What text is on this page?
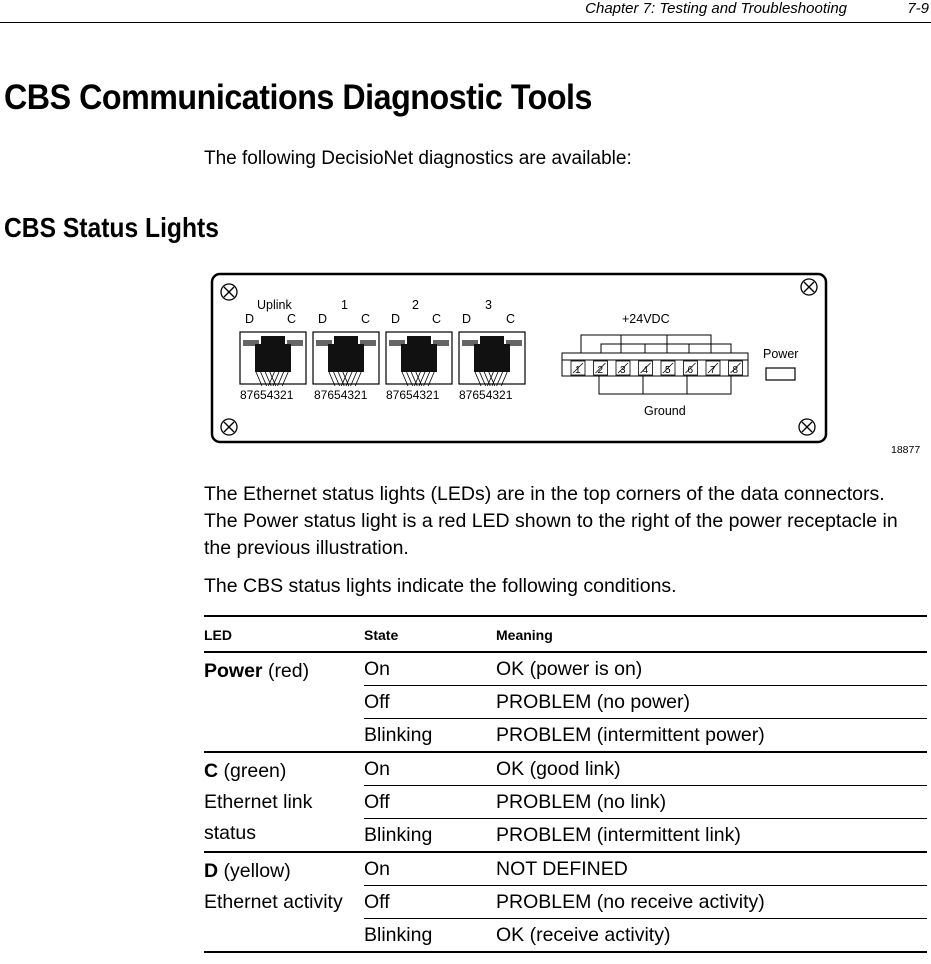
Chapter 7: Testing and Troubleshooting	7-9
CBS Communications Diagnostic Tools
The following DecisioNet diagnostics are available:
CBS Status Lights
Uplink	1	2	3
D	C D	C D	C D	C
87654321 87654321 87654321 87654321
+24VDC
1 2 3 4 5 6 7 8
Ground
Power
18877
The Ethernet status lights (LEDs) are in the top corners of the data connectors. The Power status light is a red LED shown to the right of the power receptacle in the previous illustration.
The CBS status lights indicate the following conditions.
LED	State	Meaning
Power (red)	On	OK (power is on)
	Off	PROBLEM (no power)
	Blinking	PROBLEM (intermittent power)
C (green)
Ethernet link status	On	OK (good link)
	Off	PROBLEM (no link)
	Blinking	PROBLEM (intermittent link)
D (yellow)
Ethernet activity	On	NOT DEFINED
	Off	PROBLEM (no receive activity)
	Blinking	OK (receive activity)
